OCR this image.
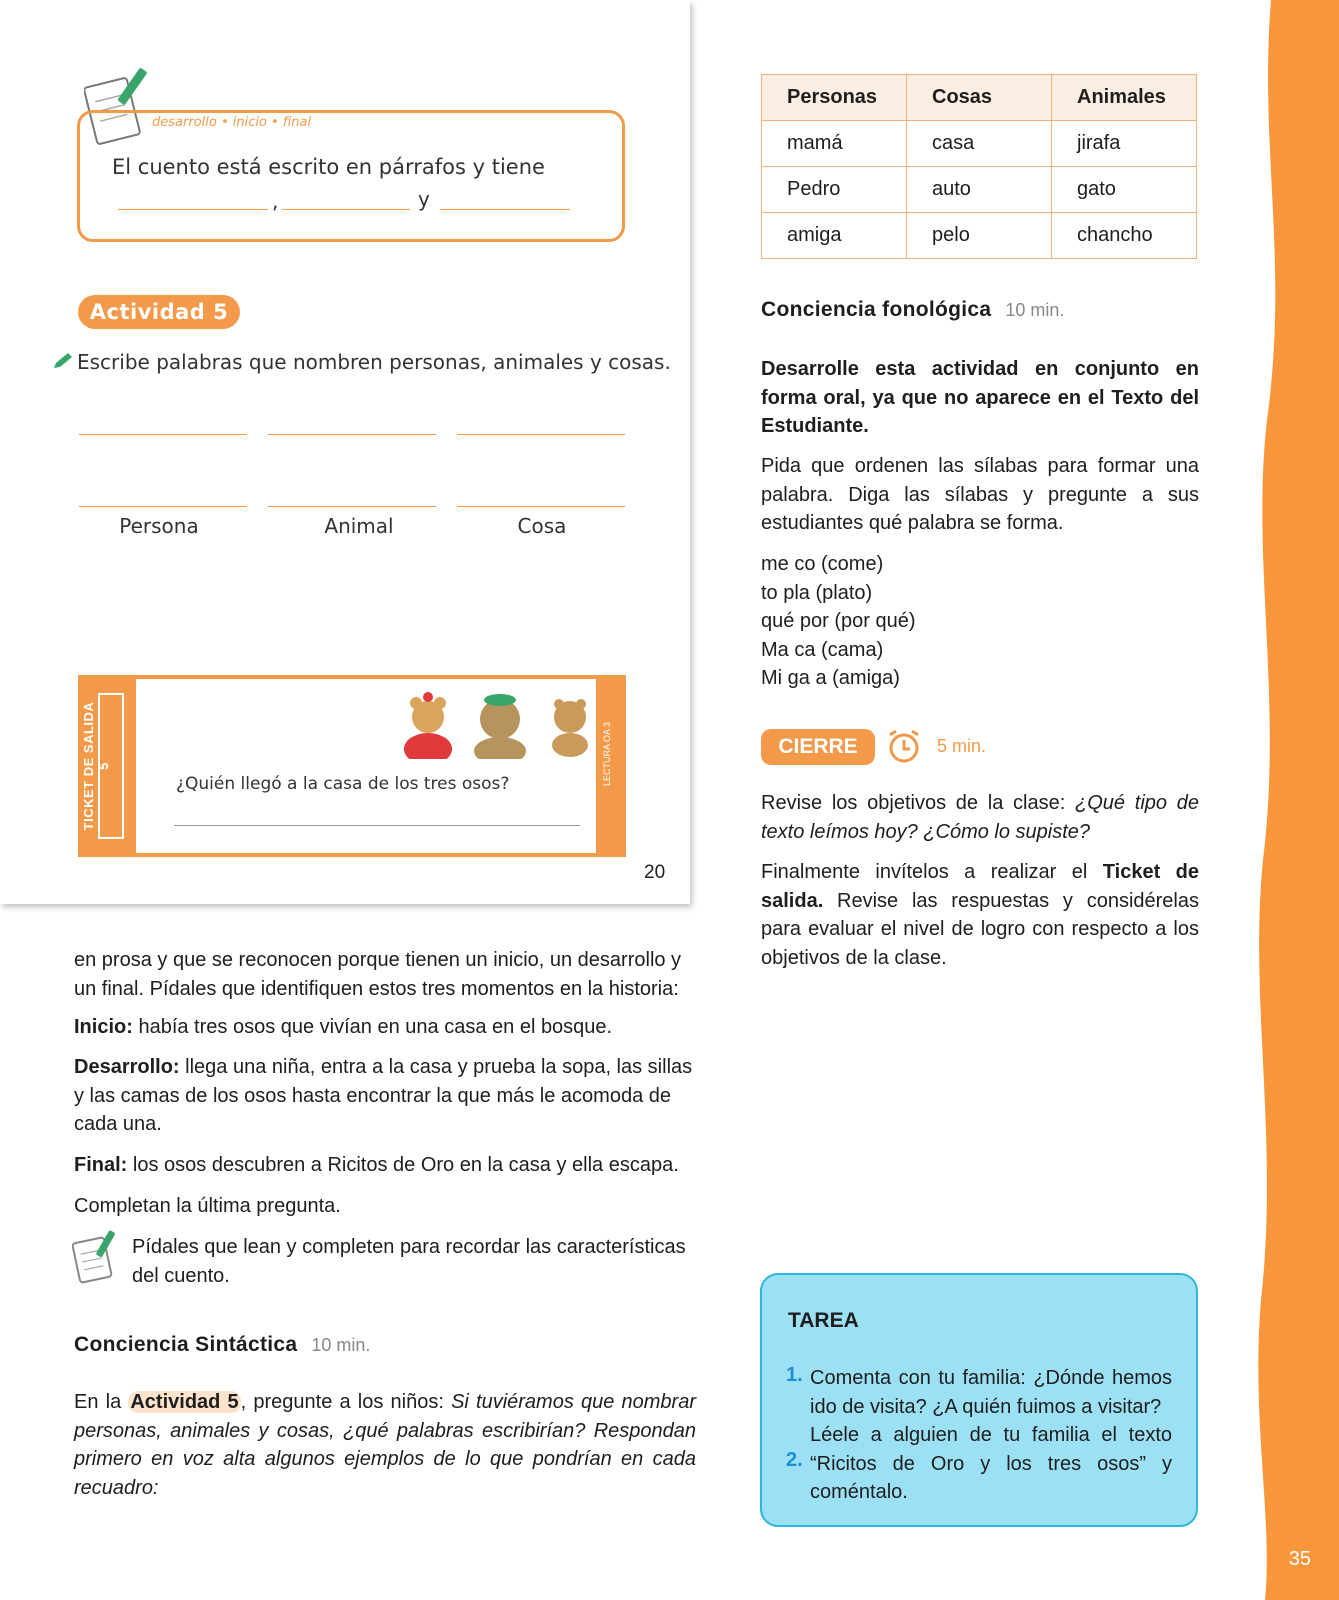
35
desarrollo • inicio • final
El cuento está escrito en párrafos y tiene
,	y
Actividad 5
Escribe palabras que nombren personas, animales y cosas.
Persona	Animal	Cosa
TICKET DE SALIDA 5	LECTURA OA 3
¿Quién llegó a la casa de los tres osos?
20
en prosa y que se reconocen porque tienen un inicio, un desarrollo y un final. Pídales que identifiquen estos tres momentos en la historia:
Inicio: había tres osos que vivían en una casa en el bosque.
Desarrollo: llega una niña, entra a la casa y prueba la sopa, las sillas y las camas de los osos hasta encontrar la que más le acomoda de cada una.
Final: los osos descubren a Ricitos de Oro en la casa y ella escapa.
Completan la última pregunta.
Pídales que lean y completen para recordar las características del cuento.
Conciencia Sintáctica 10 min.
En la Actividad 5 , pregunte a los niños: Si tuviéramos que nombrar personas, animales y cosas, ¿qué palabras escribirían? Respondan primero en voz alta algunos ejemplos de lo que pondrían en cada recuadro:
Personas	Cosas	Animales
mamá	casa	jirafa
Pedro	auto	gato
amiga	pelo	chancho
Conciencia fonológica 10 min.
Desarrolle esta actividad en conjunto en forma oral, ya que no aparece en el Texto del Estudiante.
Pida que ordenen las sílabas para formar una palabra. Diga las sílabas y pregunte a sus estudiantes qué palabra se forma.
me co (come)
to pla (plato)
qué por (por qué)
Ma ca (cama)
Mi ga a (amiga)
CIERRE	5 min.
Revise los objetivos de la clase: ¿Qué tipo de texto leímos hoy? ¿Cómo lo supiste?
Finalmente invítelos a realizar el Ticket de salida. Revise las respuestas y considérelas para evaluar el nivel de logro con respecto a los objetivos de la clase.
TAREA
1. Comenta con tu familia: ¿Dónde hemos ido de visita? ¿A quién fuimos a visitar?
2.
Léele a alguien de tu familia el texto “Ricitos de Oro y los tres osos” y coméntalo.
